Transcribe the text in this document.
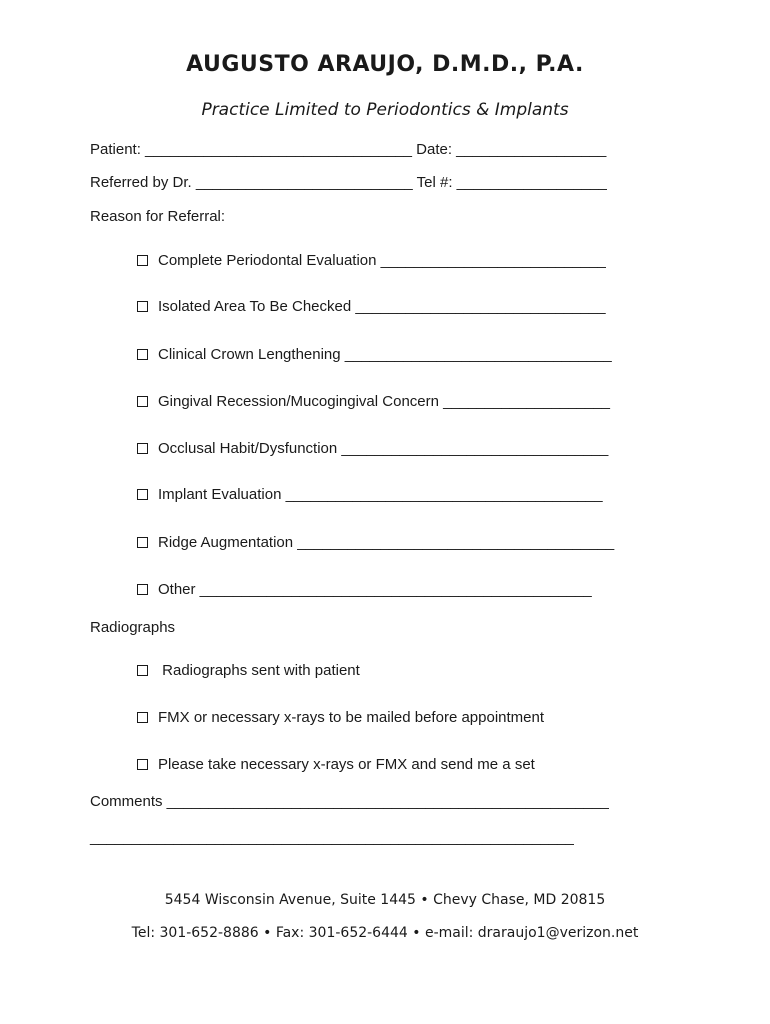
AUGUSTO ARAUJO, D.M.D., P.A.
Practice Limited to Periodontics & Implants
Patient: ________________________________ Date: __________________
Referred by Dr. __________________________ Tel #: __________________
Reason for Referral:
Complete Periodontal Evaluation ___________________________
Isolated Area To Be Checked ______________________________
Clinical Crown Lengthening ________________________________
Gingival Recession/Mucogingival Concern ____________________
Occlusal Habit/Dysfunction ________________________________
Implant Evaluation ______________________________________
Ridge Augmentation ______________________________________
Other _______________________________________________
Radiographs
Radiographs sent with patient
FMX or necessary x-rays to be mailed before appointment
Please take necessary x-rays or FMX and send me a set
Comments _____________________________________________________
__________________________________________________________
5454 Wisconsin Avenue, Suite 1445 • Chevy Chase, MD 20815
Tel: 301-652-8886 • Fax: 301-652-6444 • e-mail: draraujo1@verizon.net
